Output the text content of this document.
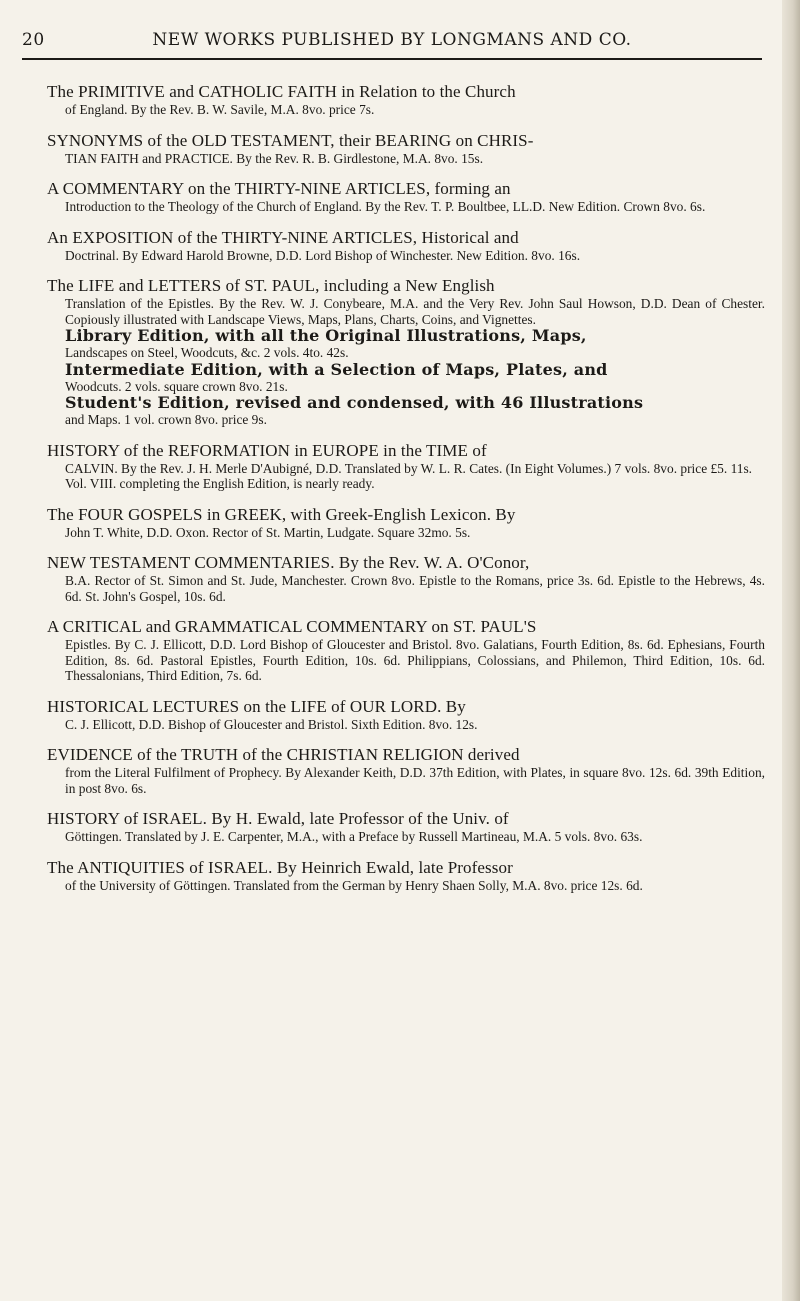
20	NEW WORKS PUBLISHED BY LONGMANS AND CO.

The PRIMITIVE and CATHOLIC FAITH in Relation to the Church

of England. By the Rev. B. W. Savile, M.A. 8vo. price 7s.

SYNONYMS of the OLD TESTAMENT, their BEARING on CHRIS-

TIAN FAITH and PRACTICE. By the Rev. R. B. Girdlestone, M.A. 8vo. 15s.

A COMMENTARY on the THIRTY-NINE ARTICLES, forming an

Introduction to the Theology of the Church of England. By the Rev. T. P. Boultbee, LL.D. New Edition. Crown 8vo. 6s.

An EXPOSITION of the THIRTY-NINE ARTICLES, Historical and

Doctrinal. By Edward Harold Browne, D.D. Lord Bishop of Winchester. New Edition. 8vo. 16s.

The LIFE and LETTERS of ST. PAUL, including a New English

Translation of the Epistles. By the Rev. W. J. Conybeare, M.A. and the Very Rev. John Saul Howson, D.D. Dean of Chester. Copiously illustrated with Landscape Views, Maps, Plans, Charts, Coins, and Vignettes.

Library Edition, with all the Original Illustrations, Maps,

Landscapes on Steel, Woodcuts, &c. 2 vols. 4to. 42s.

Intermediate Edition, with a Selection of Maps, Plates, and

Woodcuts. 2 vols. square crown 8vo. 21s.

Student's Edition, revised and condensed, with 46 Illustrations

and Maps. 1 vol. crown 8vo. price 9s.

HISTORY of the REFORMATION in EUROPE in the TIME of

CALVIN. By the Rev. J. H. Merle D'Aubigné, D.D. Translated by W. L. R. Cates. (In Eight Volumes.) 7 vols. 8vo. price £5. 11s.

Vol. VIII. completing the English Edition, is nearly ready.

The FOUR GOSPELS in GREEK, with Greek-English Lexicon. By

John T. White, D.D. Oxon. Rector of St. Martin, Ludgate. Square 32mo. 5s.

NEW TESTAMENT COMMENTARIES. By the Rev. W. A. O'Conor,

B.A. Rector of St. Simon and St. Jude, Manchester. Crown 8vo. Epistle to the Romans, price 3s. 6d. Epistle to the Hebrews, 4s. 6d. St. John's Gospel, 10s. 6d.

A CRITICAL and GRAMMATICAL COMMENTARY on ST. PAUL'S

Epistles. By C. J. Ellicott, D.D. Lord Bishop of Gloucester and Bristol. 8vo. Galatians, Fourth Edition, 8s. 6d. Ephesians, Fourth Edition, 8s. 6d. Pastoral Epistles, Fourth Edition, 10s. 6d. Philippians, Colossians, and Philemon, Third Edition, 10s. 6d. Thessalonians, Third Edition, 7s. 6d.

HISTORICAL LECTURES on the LIFE of OUR LORD. By

C. J. Ellicott, D.D. Bishop of Gloucester and Bristol. Sixth Edition. 8vo. 12s.

EVIDENCE of the TRUTH of the CHRISTIAN RELIGION derived

from the Literal Fulfilment of Prophecy. By Alexander Keith, D.D. 37th Edition, with Plates, in square 8vo. 12s. 6d. 39th Edition, in post 8vo. 6s.

HISTORY of ISRAEL. By H. Ewald, late Professor of the Univ. of

Göttingen. Translated by J. E. Carpenter, M.A., with a Preface by Russell Martineau, M.A. 5 vols. 8vo. 63s.

The ANTIQUITIES of ISRAEL. By Heinrich Ewald, late Professor

of the University of Göttingen. Translated from the German by Henry Shaen Solly, M.A. 8vo. price 12s. 6d.
